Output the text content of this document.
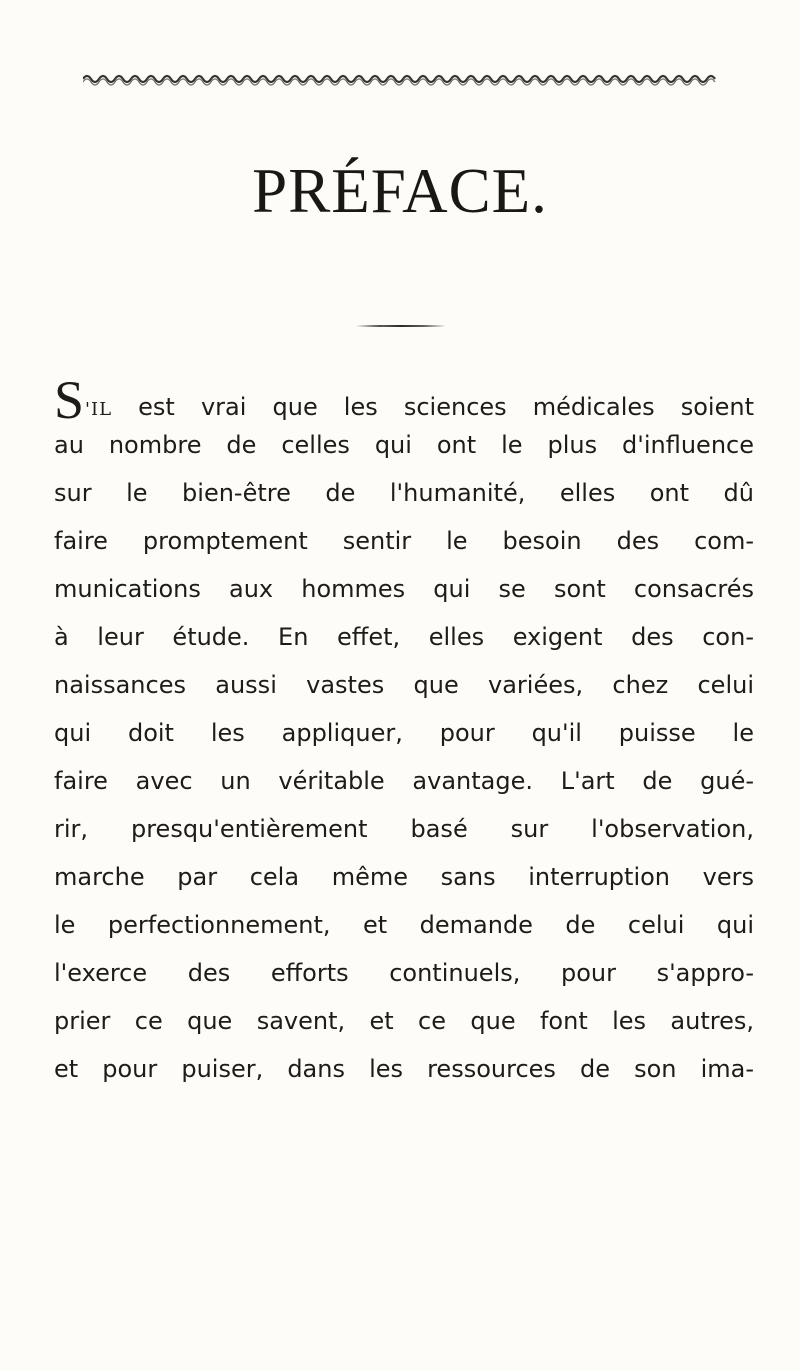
PRÉFACE.
S'IL est vrai que les sciences médicales soient
au nombre de celles qui ont le plus d'influence
sur le bien-être de l'humanité, elles ont dû
faire promptement sentir le besoin des com-
munications aux hommes qui se sont consacrés
à leur étude. En effet, elles exigent des con-
naissances aussi vastes que variées, chez celui
qui doit les appliquer, pour qu'il puisse le
faire avec un véritable avantage. L'art de gué-
rir, presqu'entièrement basé sur l'observation,
marche par cela même sans interruption vers
le perfectionnement, et demande de celui qui
l'exerce des efforts continuels, pour s'appro-
prier ce que savent, et ce que font les autres,
et pour puiser, dans les ressources de son ima-
